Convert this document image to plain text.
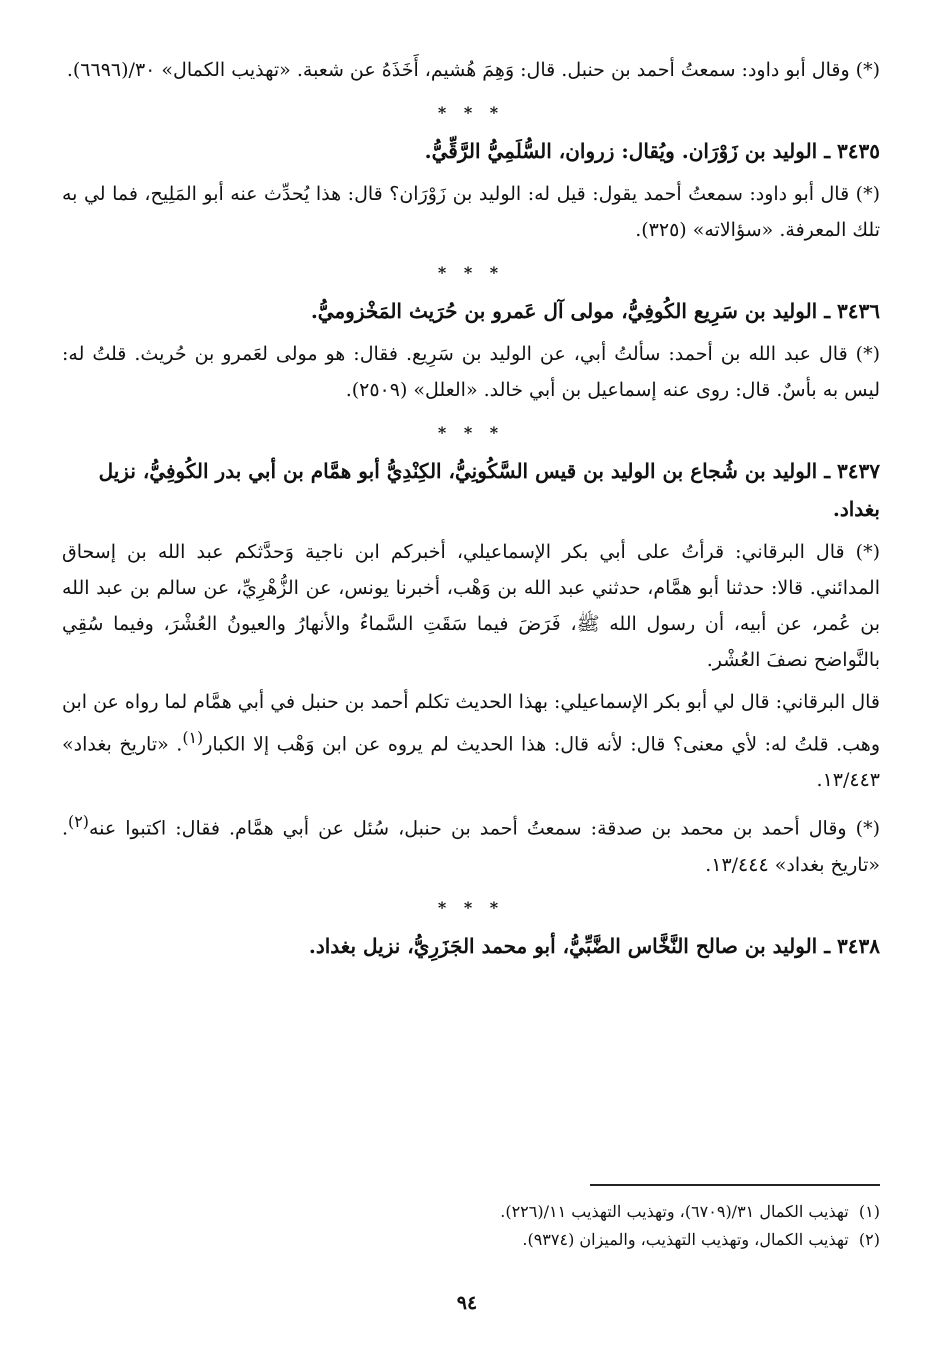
(*) وقال أبو داود: سمعتُ أحمد بن حنبل. قال: وَهِمَ هُشيم، أَخَذَهُ عن شعبة. «تهذيب الكمال» ٣٠/(٦٦٩٦).

* * *

٣٤٣٥ ـ الوليد بن زَوْرَان. ويُقال: زروان، السُّلَمِيُّ الرَّقِّيُّ.

(*) قال أبو داود: سمعتُ أحمد يقول: قيل له: الوليد بن زَوْرَان؟ قال: هذا يُحدِّث عنه أبو المَلِيح، فما لي به تلك المعرفة. «سؤالاته» (٣٢٥).

* * *

٣٤٣٦ ـ الوليد بن سَرِيع الكُوفِيُّ، مولى آل عَمرو بن حُرَيث المَخْزوميُّ.

(*) قال عبد الله بن أحمد: سألتُ أبي، عن الوليد بن سَرِيع. فقال: هو مولى لعَمرو بن حُريث. قلتُ له: ليس به بأسٌ. قال: روى عنه إسماعيل بن أبي خالد. «العلل» (٢٥٠٩).

* * *

٣٤٣٧ ـ الوليد بن شُجاع بن الوليد بن قيس السَّكُونِيُّ، الكِنْدِيُّ أبو همَّام بن أبي بدر الكُوفِيُّ، نزيل بغداد.

(*) قال البرقاني: قرأتُ على أبي بكر الإسماعيلي، أخبركم ابن ناجية وَحدَّثكم عبد الله بن إسحاق المدائني. قالا: حدثنا أبو همَّام، حدثني عبد الله بن وَهْب، أخبرنا يونس، عن الزُّهْرِيِّ، عن سالم بن عبد الله بن عُمر، عن أبيه، أن رسول الله ﷺ، فَرَضَ فيما سَقَتِ السَّماءُ والأنهارُ والعيونُ العُشْرَ، وفيما سُقِي بالنَّواضح نصفَ العُشْر.

قال البرقاني: قال لي أبو بكر الإسماعيلي: بهذا الحديث تكلم أحمد بن حنبل في أبي همَّام لما رواه عن ابن وهب. قلتُ له: لأي معنى؟ قال: لأنه قال: هذا الحديث لم يروه عن ابن وَهْب إلا الكبار$^{(١)}$. «تاريخ بغداد» ١٣/٤٤٣.

(*) وقال أحمد بن محمد بن صدقة: سمعتُ أحمد بن حنبل، سُئل عن أبي همَّام. فقال: اكتبوا عنه$^{(٢)}$. «تاريخ بغداد» ١٣/٤٤٤.

* * *

٣٤٣٨ ـ الوليد بن صالح النَّخَّاس الضَّبِّيُّ، أبو محمد الجَزَرِيُّ، نزيل بغداد.

(١)  تهذيب الكمال ٣١/(٦٧٠٩)، وتهذيب التهذيب ١١/(٢٢٦).

(٢)  تهذيب الكمال، وتهذيب التهذيب، والميزان (٩٣٧٤).

٩٤
